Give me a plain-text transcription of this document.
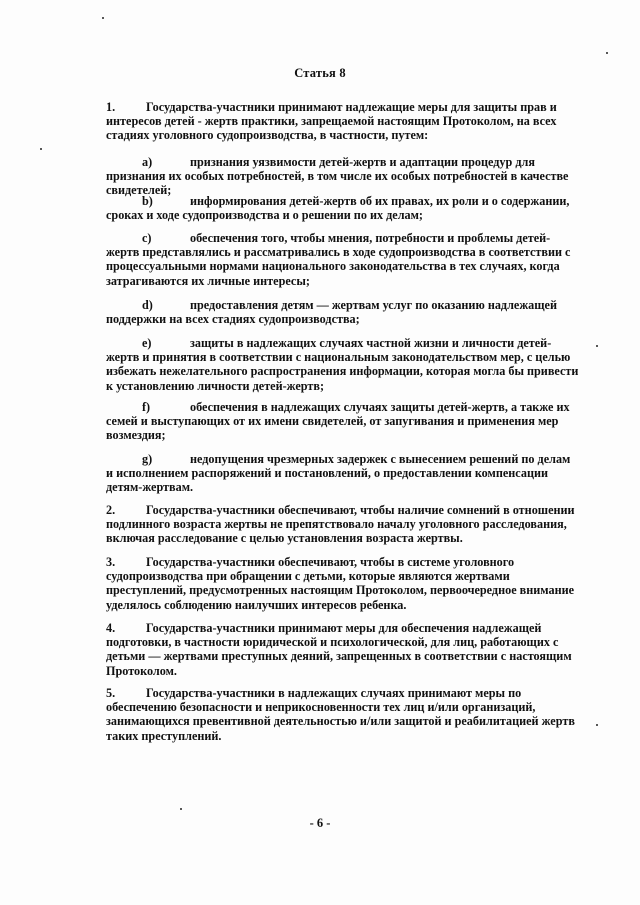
Статья 8
1.	Государства-участники принимают надлежащие меры для защиты прав и интересов детей - жертв практики, запрещаемой настоящим Протоколом, на всех стадиях уголовного судопроизводства, в частности, путем:
a)	признания уязвимости детей-жертв и адаптации процедур для признания их особых потребностей, в том числе их особых потребностей в качестве свидетелей;
b)	информирования детей-жертв об их правах, их роли и о содержании, сроках и ходе судопроизводства и о решении по их делам;
c)	обеспечения того, чтобы мнения, потребности и проблемы детей-жертв представлялись и рассматривались в ходе судопроизводства в соответствии с процессуальными нормами национального законодательства в тех случаях, когда затрагиваются их личные интересы;
d)	предоставления детям — жертвам услуг по оказанию надлежащей поддержки на всех стадиях судопроизводства;
e)	защиты в надлежащих случаях частной жизни и личности детей-жертв и принятия в соответствии с национальным законодательством мер, с целью избежать нежелательного распространения информации, которая могла бы привести к установлению личности детей-жертв;
f)	обеспечения в надлежащих случаях защиты детей-жертв, а также их семей и выступающих от их имени свидетелей, от запугивания и применения мер возмездия;
g)	недопущения чрезмерных задержек с вынесением решений по делам и исполнением распоряжений и постановлений, о предоставлении компенсации детям-жертвам.
2.	Государства-участники обеспечивают, чтобы наличие сомнений в отношении подлинного возраста жертвы не препятствовало началу уголовного расследования, включая расследование с целью установления возраста жертвы.
3.	Государства-участники обеспечивают, чтобы в системе уголовного судопроизводства при обращении с детьми, которые являются жертвами преступлений, предусмотренных настоящим Протоколом, первоочередное внимание уделялось соблюдению наилучших интересов ребенка.
4.	Государства-участники принимают меры для обеспечения надлежащей подготовки, в частности юридической и психологической, для лиц, работающих с детьми — жертвами преступных деяний, запрещенных в соответствии с настоящим Протоколом.
5.	Государства-участники в надлежащих случаях принимают меры по обеспечению безопасности и неприкосновенности тех лиц и/или организаций, занимающихся превентивной деятельностью и/или защитой и реабилитацией жертв таких преступлений.
- 6 -
